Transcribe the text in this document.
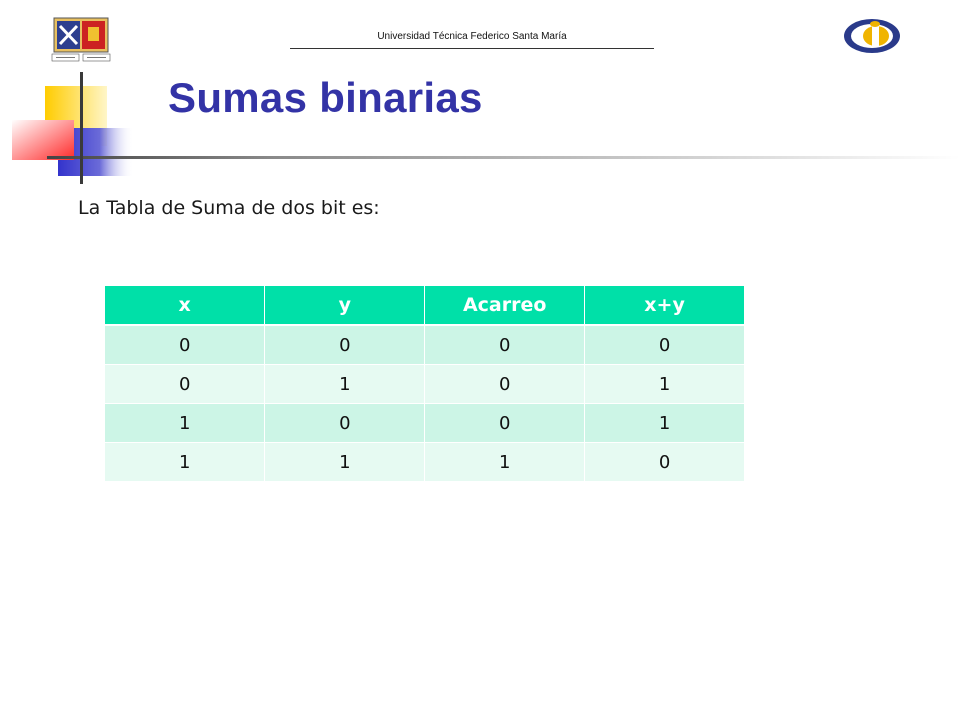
Universidad Técnica Federico Santa María
Sumas binarias

La Tabla de Suma de dos bit es:

x	y	Acarreo	x+y
0	0	0	0
0	1	0	1
1	0	0	1
1	1	1	0
